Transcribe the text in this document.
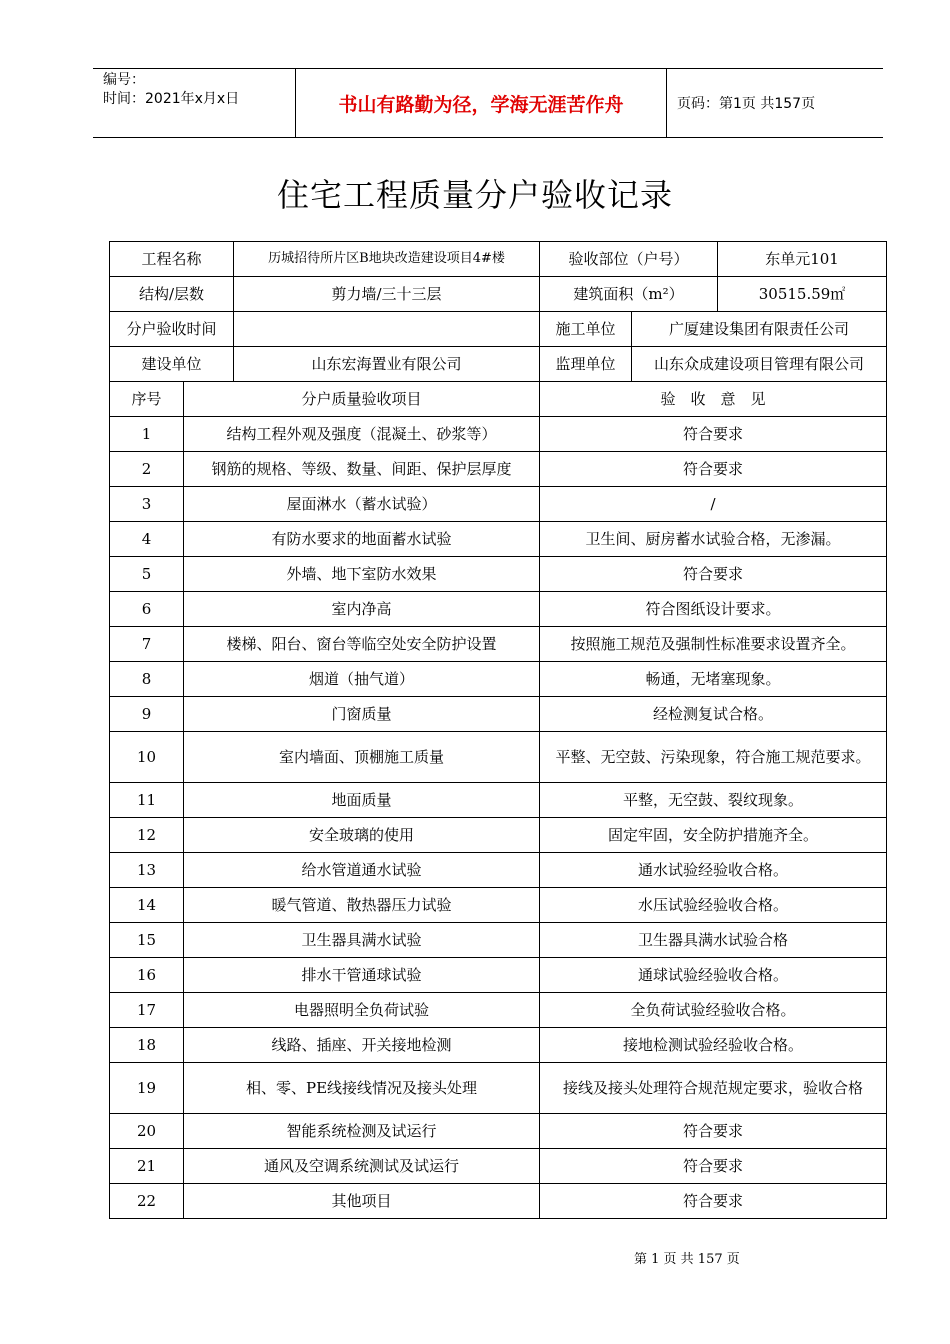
编号：
时间：2021年x月x日	书山有路勤为径，学海无涯苦作舟	页码：第1页 共157页
住宅工程质量分户验收记录
工程名称		历城招待所片区B地块改造建设项目4#楼	验收部位（户号）		东单元101
结构/层数		剪力墙/三十三层	建筑面积（m²）		30515.59㎡
分户验收时间			施工单位	广厦建设集团有限责任公司	
建设单位		山东宏海置业有限公司	监理单位	山东众成建设项目管理有限公司	
序号	分户质量验收项目		验　收　意　见		
1	结构工程外观及强度（混凝土、砂浆等）		符合要求		
2	钢筋的规格、等级、数量、间距、保护层厚度		符合要求		
3	屋面淋水（蓄水试验）		/		
4	有防水要求的地面蓄水试验		卫生间、厨房蓄水试验合格，无渗漏。		
5	外墙、地下室防水效果		符合要求		
6	室内净高		符合图纸设计要求。		
7	楼梯、阳台、窗台等临空处安全防护设置		按照施工规范及强制性标准要求设置齐全。		
8	烟道（抽气道）		畅通，无堵塞现象。		
9	门窗质量		经检测复试合格。		
10	室内墙面、顶棚施工质量		平整、无空鼓、污染现象，符合施工规范要求。		
11	地面质量		平整，无空鼓、裂纹现象。		
12	安全玻璃的使用		固定牢固，安全防护措施齐全。		
13	给水管道通水试验		通水试验经验收合格。		
14	暖气管道、散热器压力试验		水压试验经验收合格。		
15	卫生器具满水试验		卫生器具满水试验合格		
16	排水干管通球试验		通球试验经验收合格。		
17	电器照明全负荷试验		全负荷试验经验收合格。		
18	线路、插座、开关接地检测		接地检测试验经验收合格。		
19	相、零、PE线接线情况及接头处理		接线及接头处理符合规范规定要求，验收合格		
20	智能系统检测及试运行		符合要求		
21	通风及空调系统测试及试运行		符合要求		
22	其他项目		符合要求		
第 1 页 共 157 页
